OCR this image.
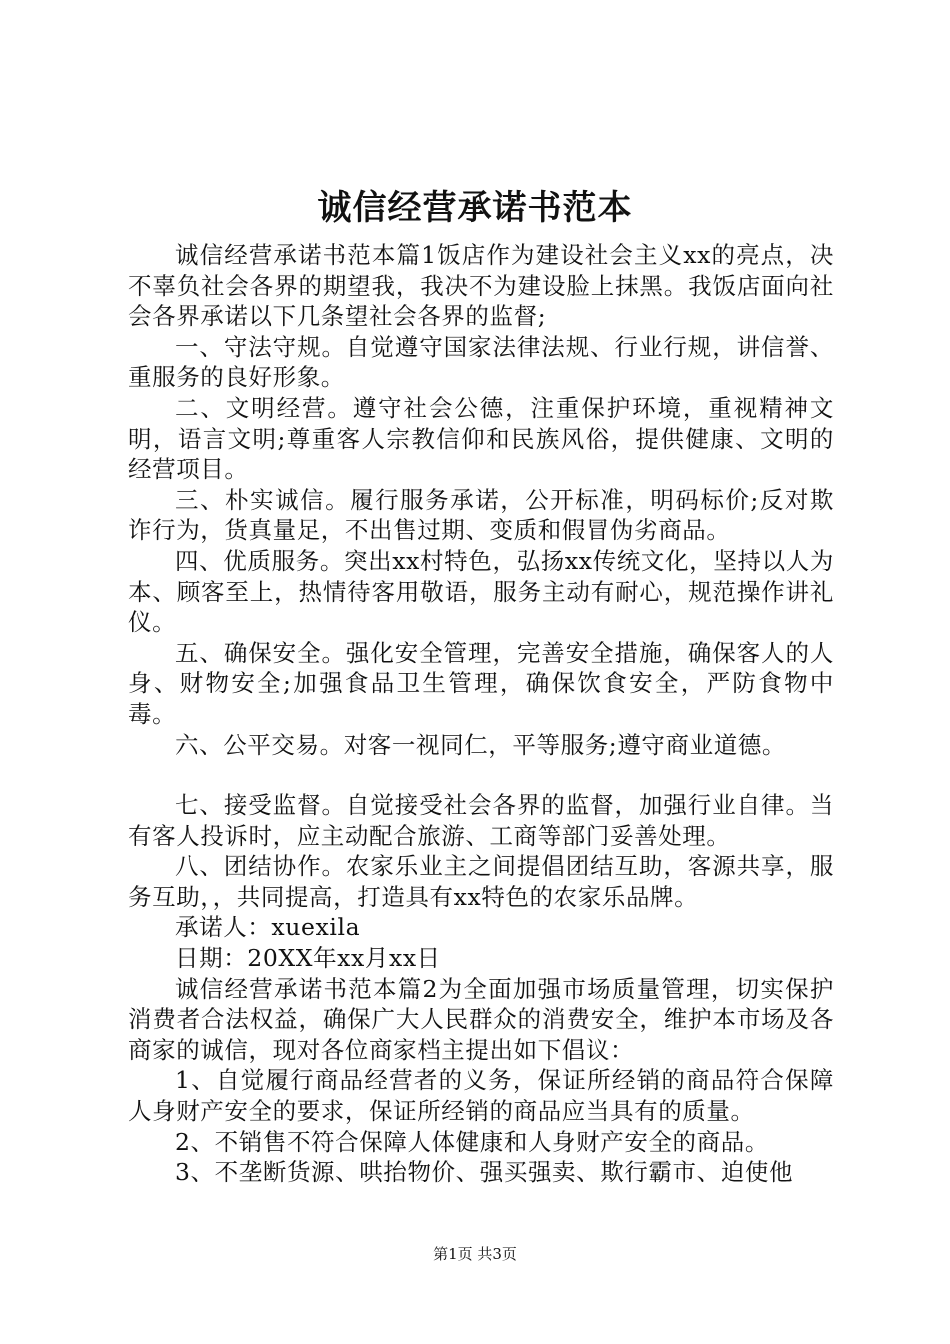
诚信经营承诺书范本

诚信经营承诺书范本篇1饭店作为建设社会主义xx的亮点，决不辜负社会各界的期望我，我决不为建设脸上抹黑。我饭店面向社会各界承诺以下几条望社会各界的监督;

一、守法守规。自觉遵守国家法律法规、行业行规，讲信誉、重服务的良好形象。

二、文明经营。遵守社会公德，注重保护环境，重视精神文明，语言文明;尊重客人宗教信仰和民族风俗，提供健康、文明的经营项目。

三、朴实诚信。履行服务承诺，公开标准，明码标价;反对欺诈行为，货真量足，不出售过期、变质和假冒伪劣商品。

四、优质服务。突出xx村特色，弘扬xx传统文化，坚持以人为本、顾客至上，热情待客用敬语，服务主动有耐心，规范操作讲礼仪。

五、确保安全。强化安全管理，完善安全措施，确保客人的人身、财物安全;加强食品卫生管理，确保饮食安全，严防食物中毒。

六、公平交易。对客一视同仁，平等服务;遵守商业道德。

七、接受监督。自觉接受社会各界的监督，加强行业自律。当有客人投诉时，应主动配合旅游、工商等部门妥善处理。

八、团结协作。农家乐业主之间提倡团结互助，客源共享，服务互助，，共同提高，打造具有xx特色的农家乐品牌。

承诺人：xuexila

日期：20XX年xx月xx日

诚信经营承诺书范本篇2为全面加强市场质量管理，切实保护消费者合法权益，确保广大人民群众的消费安全，维护本市场及各商家的诚信，现对各位商家档主提出如下倡议：

1、自觉履行商品经营者的义务，保证所经销的商品符合保障人身财产安全的要求，保证所经销的商品应当具有的质量。

2、不销售不符合保障人体健康和人身财产安全的商品。

3、不垄断货源、哄抬物价、强买强卖、欺行霸市、迫使他

第1页 共3页
